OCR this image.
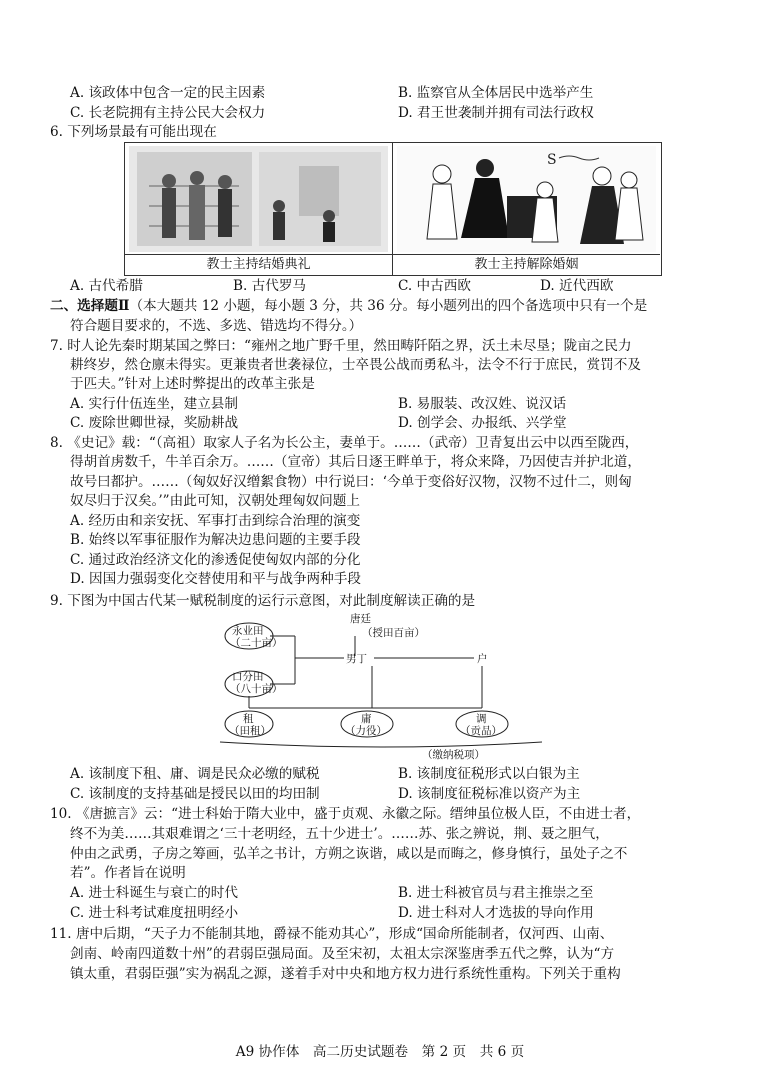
A. 该政体中包含一定的民主因素	B. 监察官从全体居民中选举产生
C. 长老院拥有主持公民大会权力	D. 君王世袭制并拥有司法行政权
6. 下列场景最有可能出现在
教士主持结婚典礼
S
教士主持解除婚姻
A. 古代希腊	B. 古代罗马	C. 中古西欧	D. 近代西欧
二、选择题Ⅱ（本大题共 12 小题，每小题 3 分，共 36 分。每小题列出的四个备选项中只有一个是
符合题目要求的，不选、多选、错选均不得分。）
7. 时人论先秦时期某国之弊曰：“雍州之地广野千里，然田畴阡陌之界，沃土未尽垦；陇亩之民力
耕终岁，然仓廪未得实。更兼贵者世袭禄位，士卒畏公战而勇私斗，法令不行于庶民，赏罚不及
于匹夫。”针对上述时弊提出的改革主张是
A. 实行什伍连坐，建立县制	B. 易服装、改汉姓、说汉话
C. 废除世卿世禄，奖励耕战	D. 创学会、办报纸、兴学堂
8. 《史记》载：“（高祖）取家人子名为长公主，妻单于。……（武帝）卫青复出云中以西至陇西，
得胡首虏数千，牛羊百余万。……（宣帝）其后日逐王畔单于，将众来降，乃因使吉并护北道，
故号曰都护。……（匈奴好汉缯絮食物）中行说曰：‘今单于变俗好汉物，汉物不过什二，则匈
奴尽归于汉矣。’”由此可知，汉朝处理匈奴问题上
A. 经历由和亲安抚、军事打击到综合治理的演变
B. 始终以军事征服作为解决边患问题的主要手段
C. 通过政治经济文化的渗透促使匈奴内部的分化
D. 因国力强弱变化交替使用和平与战争两种手段
9. 下图为中国古代某一赋税制度的运行示意图，对此制度解读正确的是
唐廷
（授田百亩）
永业田
（二十亩）
口分田
（八十亩）
男丁	户
租
（田租）
庸
（力役）
调
（贡品）
（缴纳税项）
A. 该制度下租、庸、调是民众必缴的赋税	B. 该制度征税形式以白银为主
C. 该制度的支持基础是授民以田的均田制	D. 该制度征税标准以资产为主
10. 《唐摭言》云：“进士科始于隋大业中，盛于贞观、永徽之际。缙绅虽位极人臣，不由进士者，
终不为美……其艰难谓之‘三十老明经，五十少进士’。……苏、张之辨说，荆、聂之胆气，
仲由之武勇，子房之筹画，弘羊之书计，方朔之诙谐，咸以是而晦之，修身慎行，虽处子之不
若”。作者旨在说明
A. 进士科诞生与衰亡的时代	B. 进士科被官员与君主推崇之至
C. 进士科考试难度扭明经小	D. 进士科对人才选拔的导向作用
11. 唐中后期，“天子力不能制其地，爵禄不能劝其心”，形成“国命所能制者，仅河西、山南、
剑南、岭南四道数十州”的君弱臣强局面。及至宋初，太祖太宗深鉴唐季五代之弊，认为“方
镇太重，君弱臣强”实为祸乱之源，遂着手对中央和地方权力进行系统性重构。下列关于重构
A9 协作体　高二历史试题卷　第 2 页　共 6 页
